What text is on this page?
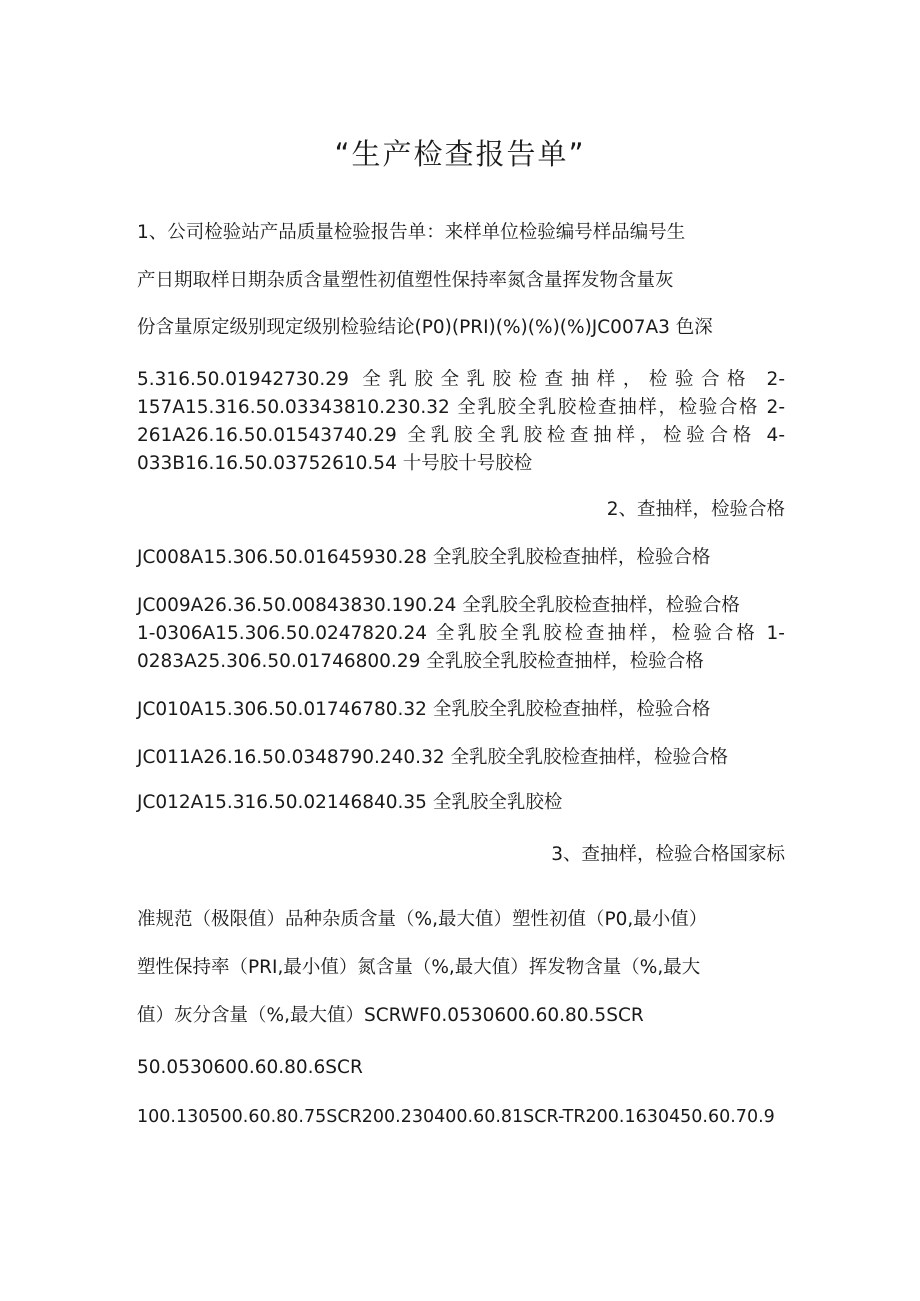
“生产检查报告单”
1、公司检验站产品质量检验报告单：来样单位检验编号样品编号生
产日期取样日期杂质含量塑性初值塑性保持率氮含量挥发物含量灰
份含量原定级别现定级别检验结论(P0)(PRI)(%)(%)(%)JC007A3 色深
5.316.50.01942730.29 全乳胶全乳胶检查抽样，检验合格 2-
157A15.316.50.03343810.230.32 全乳胶全乳胶检查抽样，检验合格 2-
261A26.16.50.01543740.29 全乳胶全乳胶检查抽样，检验合格 4-
033B16.16.50.03752610.54 十号胶十号胶检
2、查抽样，检验合格
JC008A15.306.50.01645930.28 全乳胶全乳胶检查抽样，检验合格
JC009A26.36.50.00843830.190.24 全乳胶全乳胶检查抽样，检验合格
1-0306A15.306.50.0247820.24 全乳胶全乳胶检查抽样，检验合格 1-
0283A25.306.50.01746800.29 全乳胶全乳胶检查抽样，检验合格
JC010A15.306.50.01746780.32 全乳胶全乳胶检查抽样，检验合格
JC011A26.16.50.0348790.240.32 全乳胶全乳胶检查抽样，检验合格
JC012A15.316.50.02146840.35 全乳胶全乳胶检
3、查抽样，检验合格国家标
准规范（极限值）品种杂质含量（%,最大值）塑性初值（P0,最小值）
塑性保持率（PRI,最小值）氮含量（%,最大值）挥发物含量（%,最大
值）灰分含量（%,最大值）SCRWF0.0530600.60.80.5SCR
50.0530600.60.80.6SCR
100.130500.60.80.75SCR200.230400.60.81SCR-TR200.1630450.60.70.9
